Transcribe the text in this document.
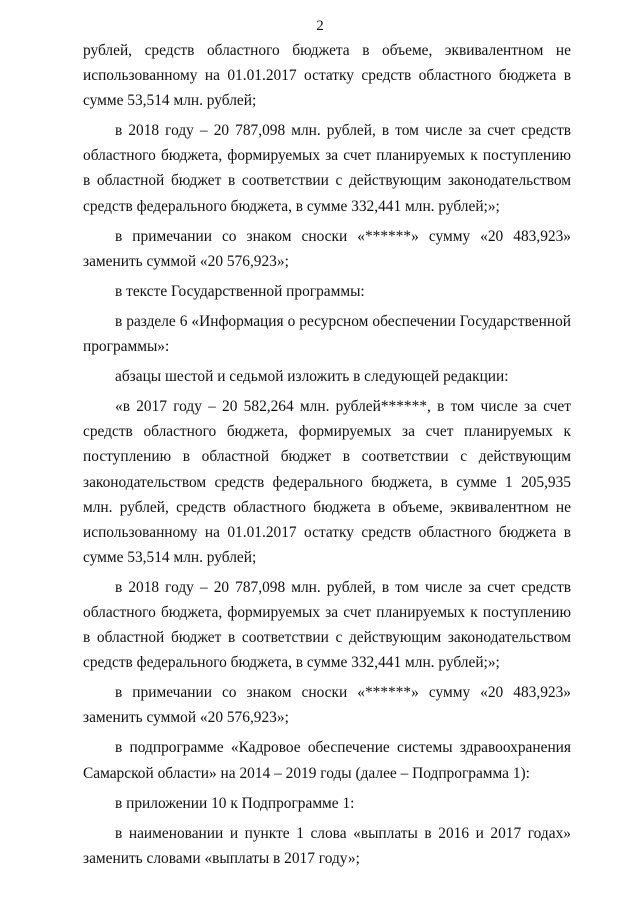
2

рублей, средств областного бюджета в объеме, эквивалентном не использованному на 01.01.2017 остатку средств областного бюджета в сумме 53,514 млн. рублей;

в 2018 году – 20 787,098 млн. рублей, в том числе за счет средств областного бюджета, формируемых за счет планируемых к поступлению в областной бюджет в соответствии с действующим законодательством средств федерального бюджета, в сумме 332,441 млн. рублей;»;

в примечании со знаком сноски «******» сумму «20 483,923» заменить суммой «20 576,923»;

в тексте Государственной программы:

в разделе 6 «Информация о ресурсном обеспечении Государственной программы»:

абзацы шестой и седьмой изложить в следующей редакции:

«в 2017 году – 20 582,264 млн. рублей******, в том числе за счет средств областного бюджета, формируемых за счет планируемых к поступлению в областной бюджет в соответствии с действующим законодательством средств федерального бюджета, в сумме 1 205,935 млн. рублей, средств областного бюджета в объеме, эквивалентном не использованному на 01.01.2017 остатку средств областного бюджета в сумме 53,514 млн. рублей;

в 2018 году – 20 787,098 млн. рублей, в том числе за счет средств областного бюджета, формируемых за счет планируемых к поступлению в областной бюджет в соответствии с действующим законодательством средств федерального бюджета, в сумме 332,441 млн. рублей;»;

в примечании со знаком сноски «******» сумму «20 483,923» заменить суммой «20 576,923»;

в подпрограмме «Кадровое обеспечение системы здравоохранения Самарской области» на 2014 – 2019 годы (далее – Подпрограмма 1):

в приложении 10 к Подпрограмме 1:

в наименовании и пункте 1 слова «выплаты в 2016 и 2017 годах» заменить словами «выплаты в 2017 году»;
